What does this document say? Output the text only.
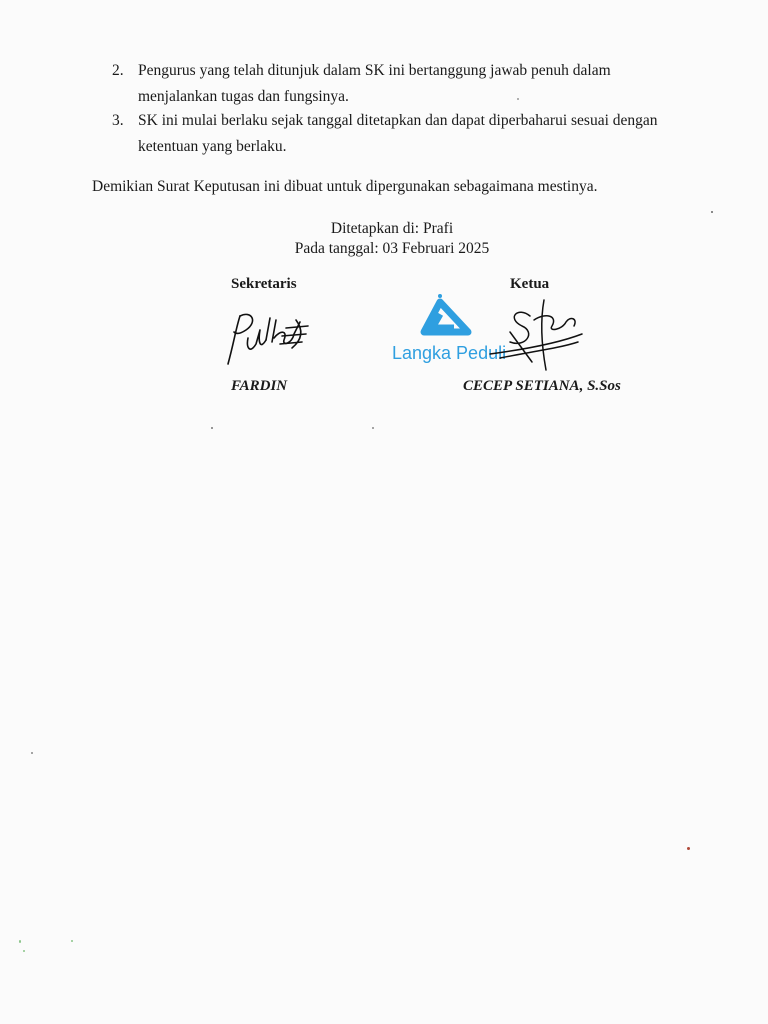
2. Pengurus yang telah ditunjuk dalam SK ini bertanggung jawab penuh dalam
menjalankan tugas dan fungsinya.
3. SK ini mulai berlaku sejak tanggal ditetapkan dan dapat diperbaharui sesuai dengan
ketentuan yang berlaku.
Demikian Surat Keputusan ini dibuat untuk dipergunakan sebagaimana mestinya.
Ditetapkan di: Prafi
Pada tanggal: 03 Februari 2025
Sekretaris	Ketua
Langka Peduli
FARDIN	CECEP SETIANA, S.Sos
